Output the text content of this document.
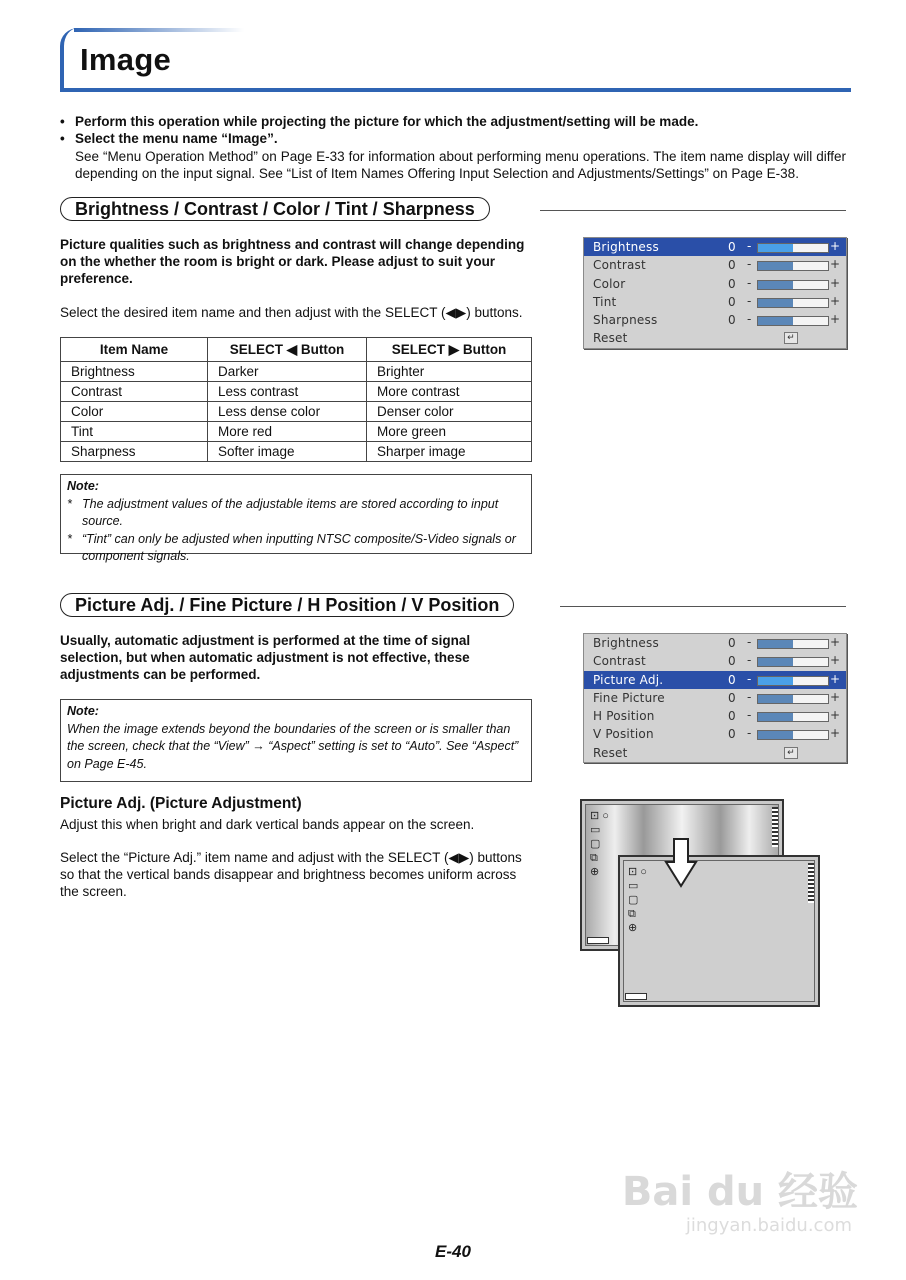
Image
• Perform this operation while projecting the picture for which the adjustment/setting will be made.
• Select the menu name “Image”.
See “Menu Operation Method” on Page E-33 for information about performing menu operations. The item name display will differ depending on the input signal. See “List of Item Names Offering Input Selection and Adjustments/Settings” on Page E-38.
Brightness / Contrast / Color / Tint / Sharpness
Picture qualities such as brightness and contrast will change depending on the whether the room is bright or dark. Please adjust to suit your preference.
Select the desired item name and then adjust with the SELECT (◀▶) buttons.
Item Name	SELECT ◀ Button	SELECT ▶ Button
Brightness	Darker	Brighter
Contrast	Less contrast	More contrast
Color	Less dense color	Denser color
Tint	More red	More green
Sharpness	Softer image	Sharper image
Note:
* The adjustment values of the adjustable items are stored according to input source.
* “Tint” can only be adjusted when inputting NTSC composite/S-Video signals or component signals.
Brightness	0 -	+
Contrast	0 -	+
Color	0 -	+
Tint	0 -	+
Sharpness	0 -	+
Reset	↵
Picture Adj. / Fine Picture / H Position / V Position
Usually, automatic adjustment is performed at the time of signal selection, but when automatic adjustment is not effective, these adjustments can be performed.
Note:
When the image extends beyond the boundaries of the screen or is smaller than the screen, check that the “View” → “Aspect” setting is set to “Auto”. See “Aspect” on Page E-45.
Picture Adj. (Picture Adjustment)
Adjust this when bright and dark vertical bands appear on the screen.
Select the “Picture Adj.” item name and adjust with the SELECT (◀▶) buttons so that the vertical bands disappear and brightness becomes uniform across the screen.
Brightness	0 -	+
Contrast	0 -	+
Picture Adj.	0 -	+
Fine Picture	0 -	+
H Position	0 -	+
V Position	0 -	+
Reset	↵
⊡ ○
▭
▢
⧉
⊕	⊡ ○
▭
▢
⧉
⊕
Bai du 经验
jingyan.baidu.com
E-40
